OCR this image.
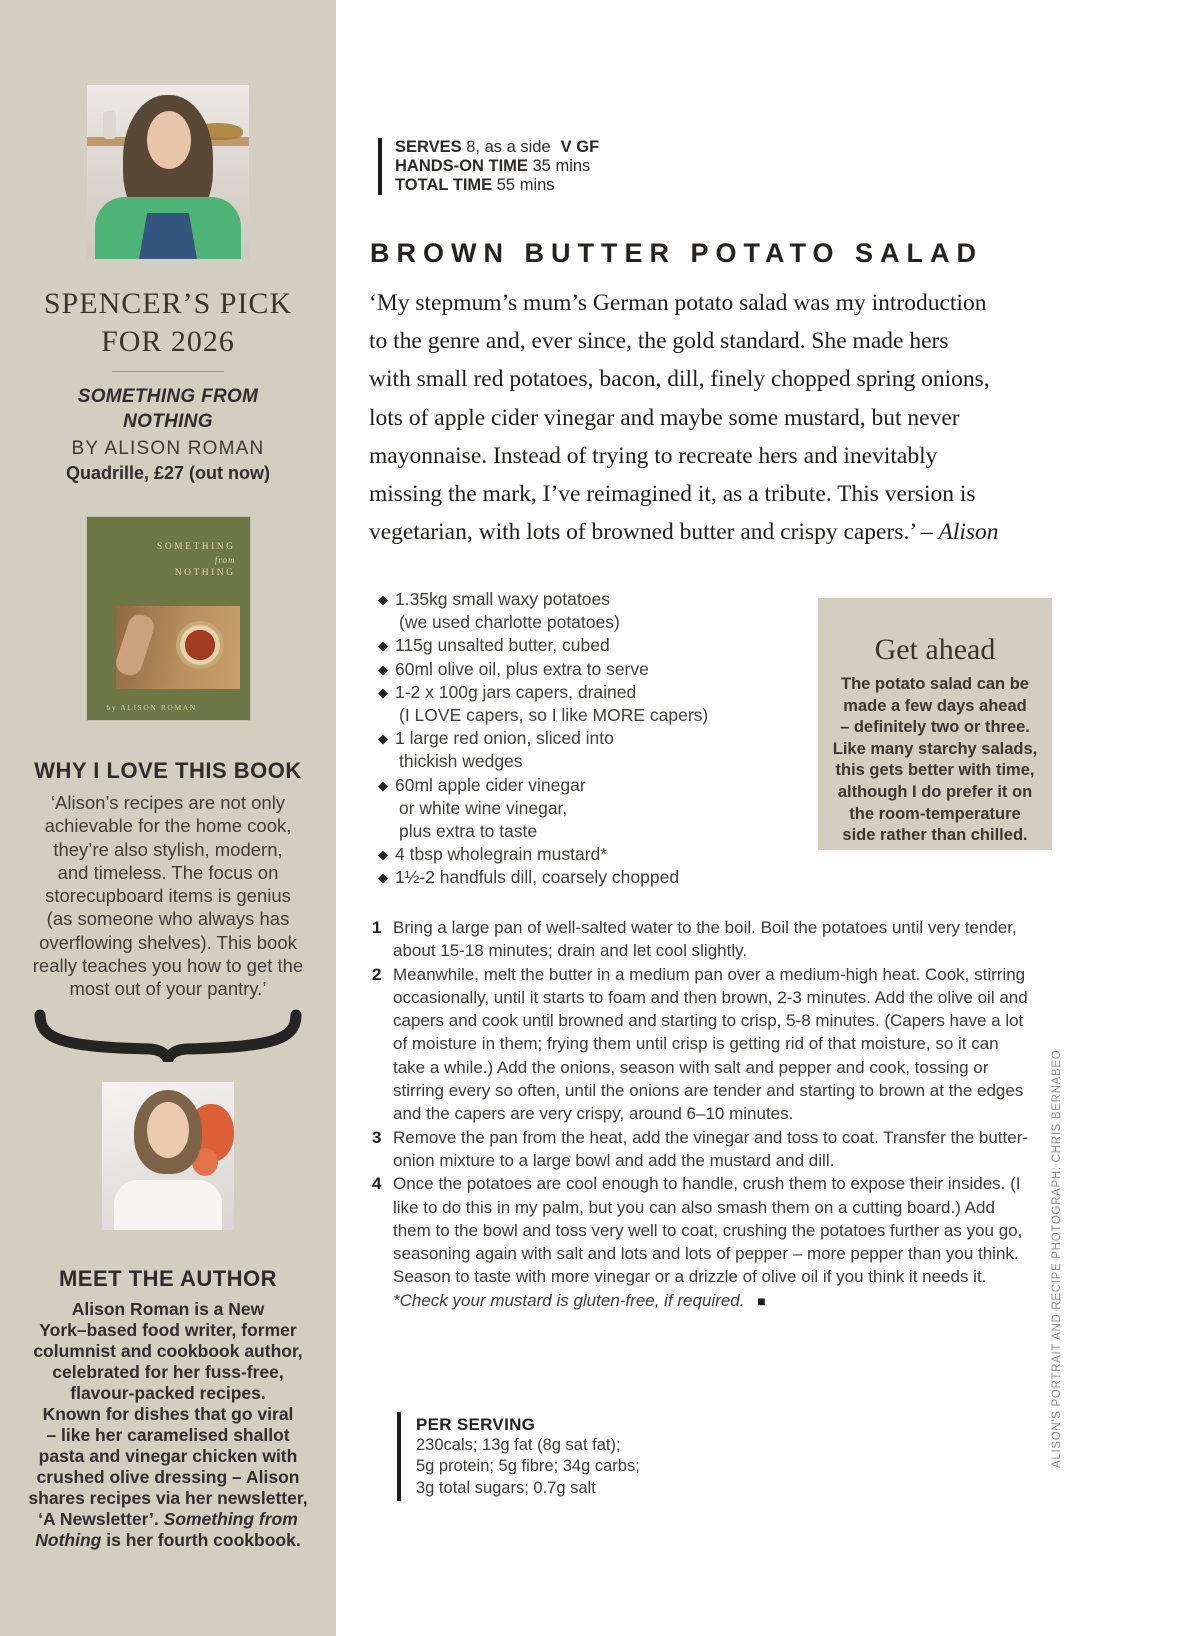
SPENCER’S PICK FOR 2026
SOMETHING FROM NOTHING
BY ALISON ROMAN
Quadrille, £27 (out now)
SOMETHING
from
NOTHING
by ALISON ROMAN
WHY I LOVE THIS BOOK
‘Alison’s recipes are not only
achievable for the home cook,
they’re also stylish, modern,
and timeless. The focus on
storecupboard items is genius
(as someone who always has
overflowing shelves). This book
really teaches you how to get the
most out of your pantry.’
MEET THE AUTHOR
Alison Roman is a New
York–based food writer, former
columnist and cookbook author,
celebrated for her fuss-free,
flavour-packed recipes.
Known for dishes that go viral
– like her caramelised shallot
pasta and vinegar chicken with
crushed olive dressing – Alison
shares recipes via her newsletter,
‘A Newsletter’. Something from
Nothing is her fourth cookbook.
SERVES 8, as a side V GF
HANDS-ON TIME 35 mins
TOTAL TIME 55 mins
BROWN BUTTER POTATO SALAD
‘My stepmum’s mum’s German potato salad was my introduction
to the genre and, ever since, the gold standard. She made hers
with small red potatoes, bacon, dill, finely chopped spring onions,
lots of apple cider vinegar and maybe some mustard, but never
mayonnaise. Instead of trying to recreate hers and inevitably
missing the mark, I’ve reimagined it, as a tribute. This version is
vegetarian, with lots of browned butter and crispy capers.’ – Alison
◆ 1.35kg small waxy potatoes
(we used charlotte potatoes)
◆ 115g unsalted butter, cubed
◆ 60ml olive oil, plus extra to serve
◆ 1-2 x 100g jars capers, drained
(I LOVE capers, so I like MORE capers)
◆ 1 large red onion, sliced into
thickish wedges
◆ 60ml apple cider vinegar
or white wine vinegar,
plus extra to taste
◆ 4 tbsp wholegrain mustard*
◆ 1½-2 handfuls dill, coarsely chopped
Get ahead
The potato salad can be
made a few days ahead
– definitely two or three.
Like many starchy salads,
this gets better with time,
although I do prefer it on
the room-temperature
side rather than chilled.
1 Bring a large pan of well-salted water to the boil. Boil the potatoes until very tender, about 15-18 minutes; drain and let cool slightly.
2 Meanwhile, melt the butter in a medium pan over a medium-high heat. Cook, stirring occasionally, until it starts to foam and then brown, 2-3 minutes. Add the olive oil and capers and cook until browned and starting to crisp, 5-8 minutes. (Capers have a lot of moisture in them; frying them until crisp is getting rid of that moisture, so it can take a while.) Add the onions, season with salt and pepper and cook, tossing or stirring every so often, until the onions are tender and starting to brown at the edges and the capers are very crispy, around 6–10 minutes.
3 Remove the pan from the heat, add the vinegar and toss to coat. Transfer the butter-onion mixture to a large bowl and add the mustard and dill.
4 Once the potatoes are cool enough to handle, crush them to expose their insides. (I like to do this in my palm, but you can also smash them on a cutting board.) Add them to the bowl and toss very well to coat, crushing the potatoes further as you go, seasoning again with salt and lots and lots of pepper – more pepper than you think. Season to taste with more vinegar or a drizzle of olive oil if you think it needs it.
*Check your mustard is gluten-free, if required. ■
PER SERVING
230cals; 13g fat (8g sat fat);
5g protein; 5g fibre; 34g carbs;
3g total sugars; 0.7g salt
ALISON'S PORTRAIT AND RECIPE PHOTOGRAPH: CHRIS BERNABEO
